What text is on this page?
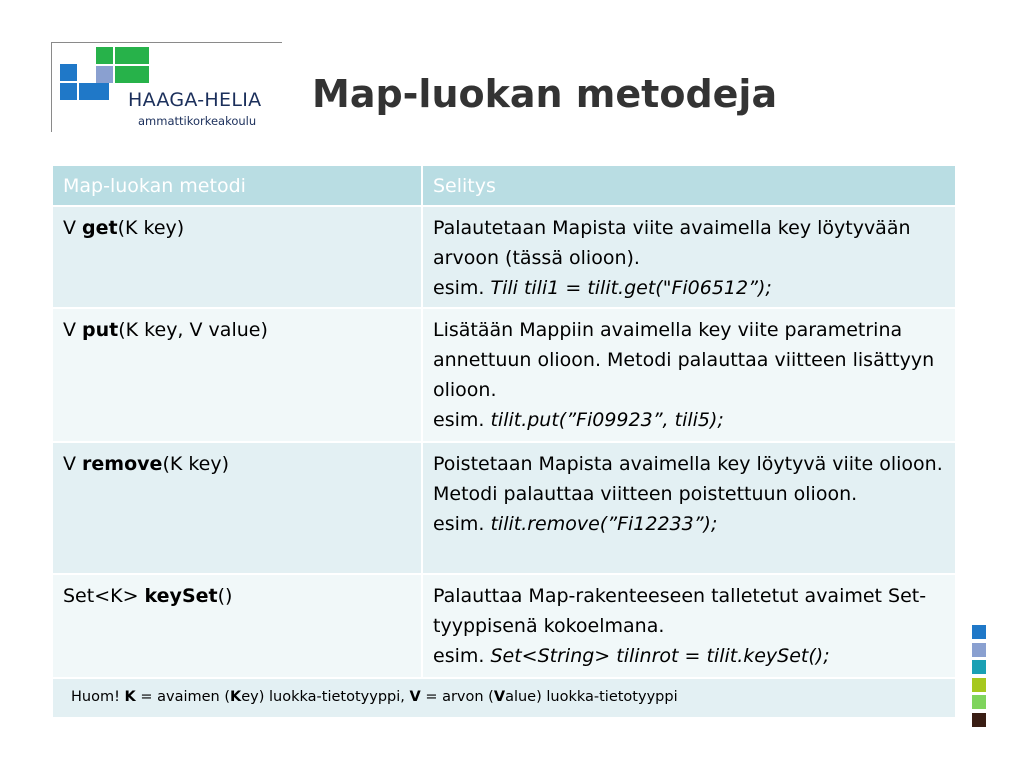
HAAGA-HELIA
ammattikorkeakoulu
Map-luokan metodeja
Map-luokan metodi	Selitys
V get(K key)	Palautetaan Mapista viite avaimella key löytyvään arvoon (tässä olioon).
esim. Tili tili1 = tilit.get("Fi06512”);

V put(K key, V value)	Lisätään Mappiin avaimella key viite parametrina annettuun olioon. Metodi palauttaa viitteen lisättyyn olioon.
esim. tilit.put(”Fi09923”, tili5);

V remove(K key)	Poistetaan Mapista avaimella key löytyvä viite olioon. Metodi palauttaa viitteen poistettuun olioon.
esim. tilit.remove(”Fi12233”);

Set<K> keySet()	Palauttaa Map-rakenteeseen talletetut avaimet Set-tyyppisenä kokoelmana.
esim. Set<String> tilinrot = tilit.keySet();

Huom! K = avaimen (Key) luokka-tietotyyppi, V = arvon (Value) luokka-tietotyyppi	
